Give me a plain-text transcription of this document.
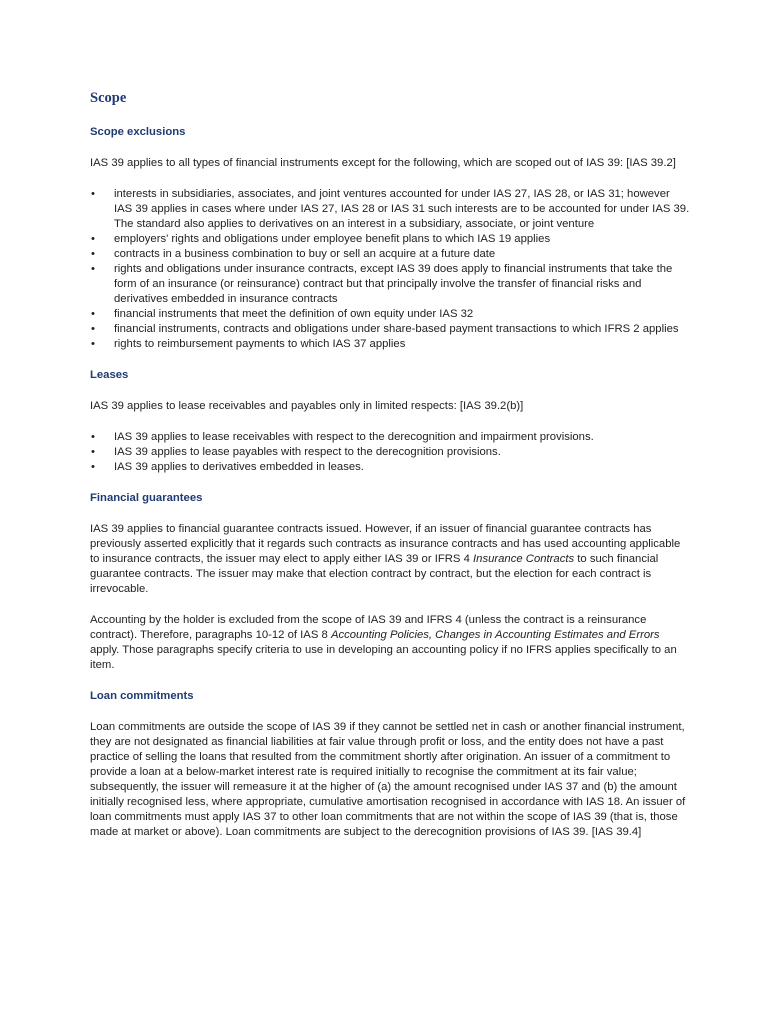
Scope
Scope exclusions

IAS 39 applies to all types of financial instruments except for the following, which are scoped out of IAS 39: [IAS 39.2]

• interests in subsidiaries, associates, and joint ventures accounted for under IAS 27, IAS 28, or IAS 31; however IAS 39 applies in cases where under IAS 27, IAS 28 or IAS 31 such interests are to be accounted for under IAS 39. The standard also applies to derivatives on an interest in a subsidiary, associate, or joint venture
• employers' rights and obligations under employee benefit plans to which IAS 19 applies
• contracts in a business combination to buy or sell an acquire at a future date
• rights and obligations under insurance contracts, except IAS 39 does apply to financial instruments that take the form of an insurance (or reinsurance) contract but that principally involve the transfer of financial risks and derivatives embedded in insurance contracts
• financial instruments that meet the definition of own equity under IAS 32
• financial instruments, contracts and obligations under share-based payment transactions to which IFRS 2 applies
• rights to reimbursement payments to which IAS 37 applies
Leases

IAS 39 applies to lease receivables and payables only in limited respects: [IAS 39.2(b)]

• IAS 39 applies to lease receivables with respect to the derecognition and impairment provisions.
• IAS 39 applies to lease payables with respect to the derecognition provisions.
• IAS 39 applies to derivatives embedded in leases.
Financial guarantees

IAS 39 applies to financial guarantee contracts issued. However, if an issuer of financial guarantee contracts has previously asserted explicitly that it regards such contracts as insurance contracts and has used accounting applicable to insurance contracts, the issuer may elect to apply either IAS 39 or IFRS 4 Insurance Contracts to such financial guarantee contracts. The issuer may make that election contract by contract, but the election for each contract is irrevocable.

Accounting by the holder is excluded from the scope of IAS 39 and IFRS 4 (unless the contract is a reinsurance contract). Therefore, paragraphs 10-12 of IAS 8 Accounting Policies, Changes in Accounting Estimates and Errors apply. Those paragraphs specify criteria to use in developing an accounting policy if no IFRS applies specifically to an item.

Loan commitments

Loan commitments are outside the scope of IAS 39 if they cannot be settled net in cash or another financial instrument, they are not designated as financial liabilities at fair value through profit or loss, and the entity does not have a past practice of selling the loans that resulted from the commitment shortly after origination. An issuer of a commitment to provide a loan at a below-market interest rate is required initially to recognise the commitment at its fair value; subsequently, the issuer will remeasure it at the higher of (a) the amount recognised under IAS 37 and (b) the amount initially recognised less, where appropriate, cumulative amortisation recognised in accordance with IAS 18. An issuer of loan commitments must apply IAS 37 to other loan commitments that are not within the scope of IAS 39 (that is, those made at market or above). Loan commitments are subject to the derecognition provisions of IAS 39. [IAS 39.4]
